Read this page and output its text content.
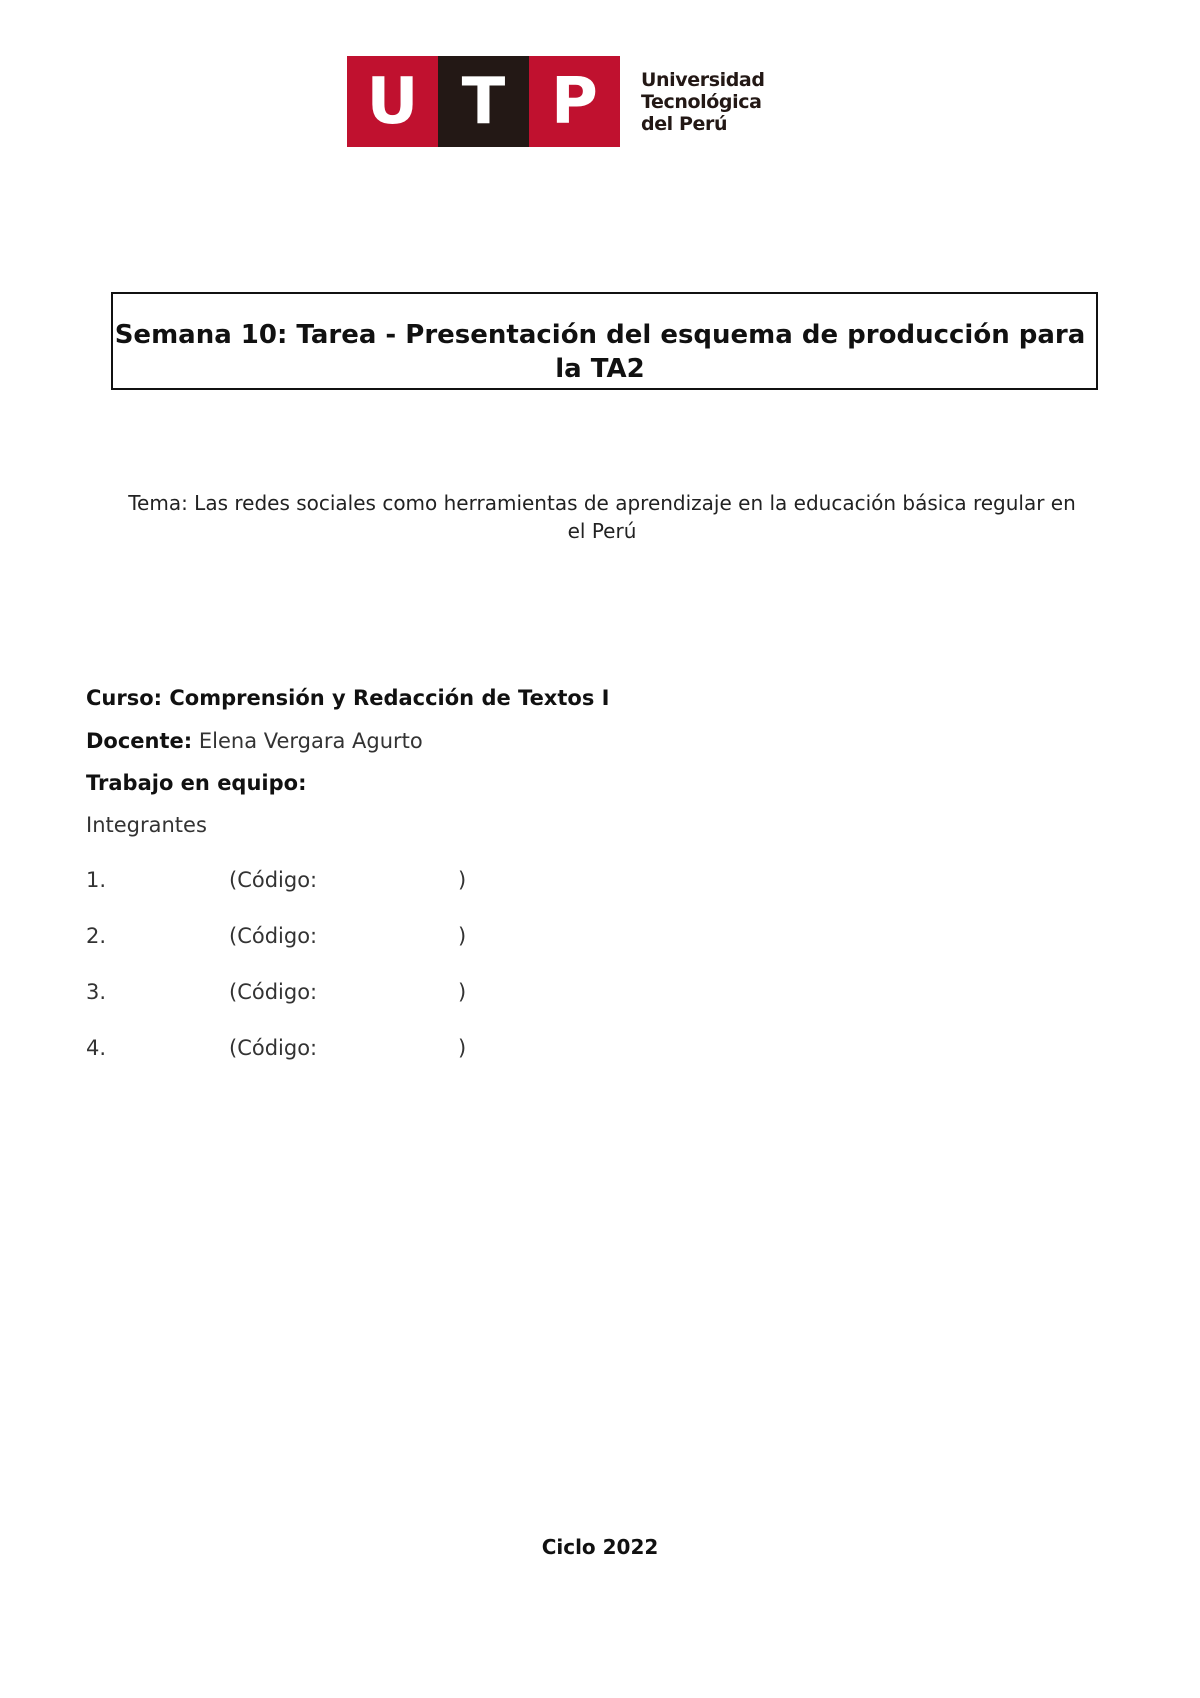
U T P	Universidad
Tecnológica
del Perú
Semana 10: Tarea - Presentación del esquema de producción para
la TA2
Tema: Las redes sociales como herramientas de aprendizaje en la educación básica regular en
el Perú
Curso: Comprensión y Redacción de Textos I
Docente: Elena Vergara Agurto
Trabajo en equipo:
Integrantes
1.	(Código:	)
2.	(Código:	)
3.	(Código:	)
4.	(Código:	)
Ciclo 2022
